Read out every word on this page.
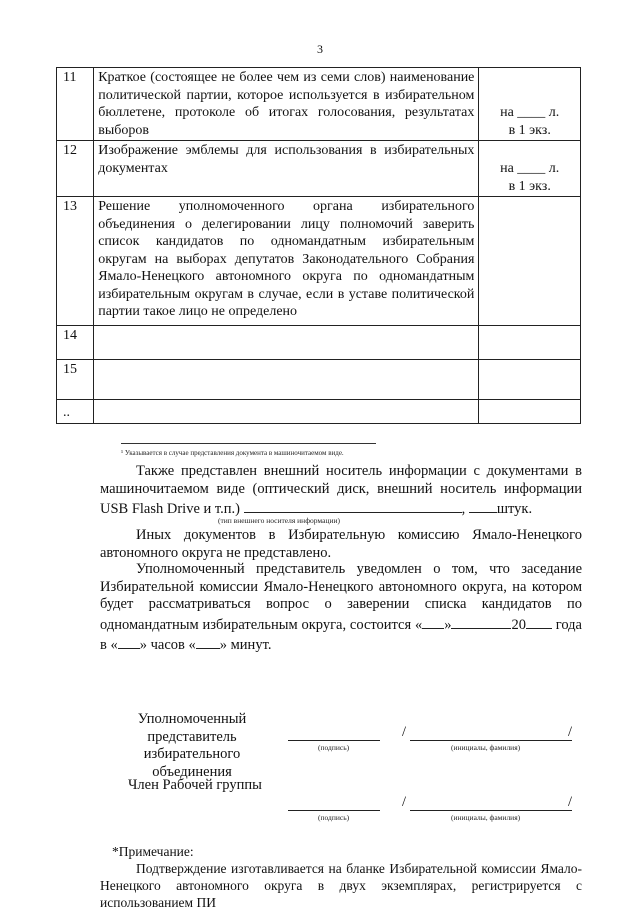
3
11	Краткое (состоящее не более чем из семи слов) наименование политической партии, которое используется в избирательном бюллетене, протоколе об итогах голосования, результатах выборов	на ____ л.
в 1 экз.

12	Изображение эмблемы для использования в избирательных документах	на ____ л.
в 1 экз.

13	Решение уполномоченного органа избирательного объединения о делегировании лицу полномочий заверить список кандидатов по одномандатным избирательным округам на выборах депутатов Законодательного Собрания Ямало-Ненецкого автономного округа по одномандатным избирательным округам в случае, если в уставе политической партии такое лицо не определено	
14		
15		
..		
¹ Указывается в случае представления документа в машиночитаемом виде.
Также представлен внешний носитель информации с документами в машиночитаемом виде (оптический диск, внешний носитель информации USB Flash Drive и т.п.)	, штук.
(тип внешнего носителя информации)
Иных документов в Избирательную комиссию Ямало-Ненецкого автономного округа не представлено.
Уполномоченный представитель уведомлен о том, что заседание Избирательной комиссии Ямало-Ненецкого автономного округа, на котором будет рассматриваться вопрос о заверении списка кандидатов по одномандатным избирательным округа, состоится « »	20 года в « » часов « » минут.
Уполномоченный представитель избирательного объединения
(подпись)
/	/
(инициалы, фамилия)
Член Рабочей группы
(подпись)
/	/
(инициалы, фамилия)
*Примечание:
Подтверждение изготавливается на бланке Избирательной комиссии Ямало-Ненецкого автономного округа в двух экземплярах, регистрируется с использованием ПИ
